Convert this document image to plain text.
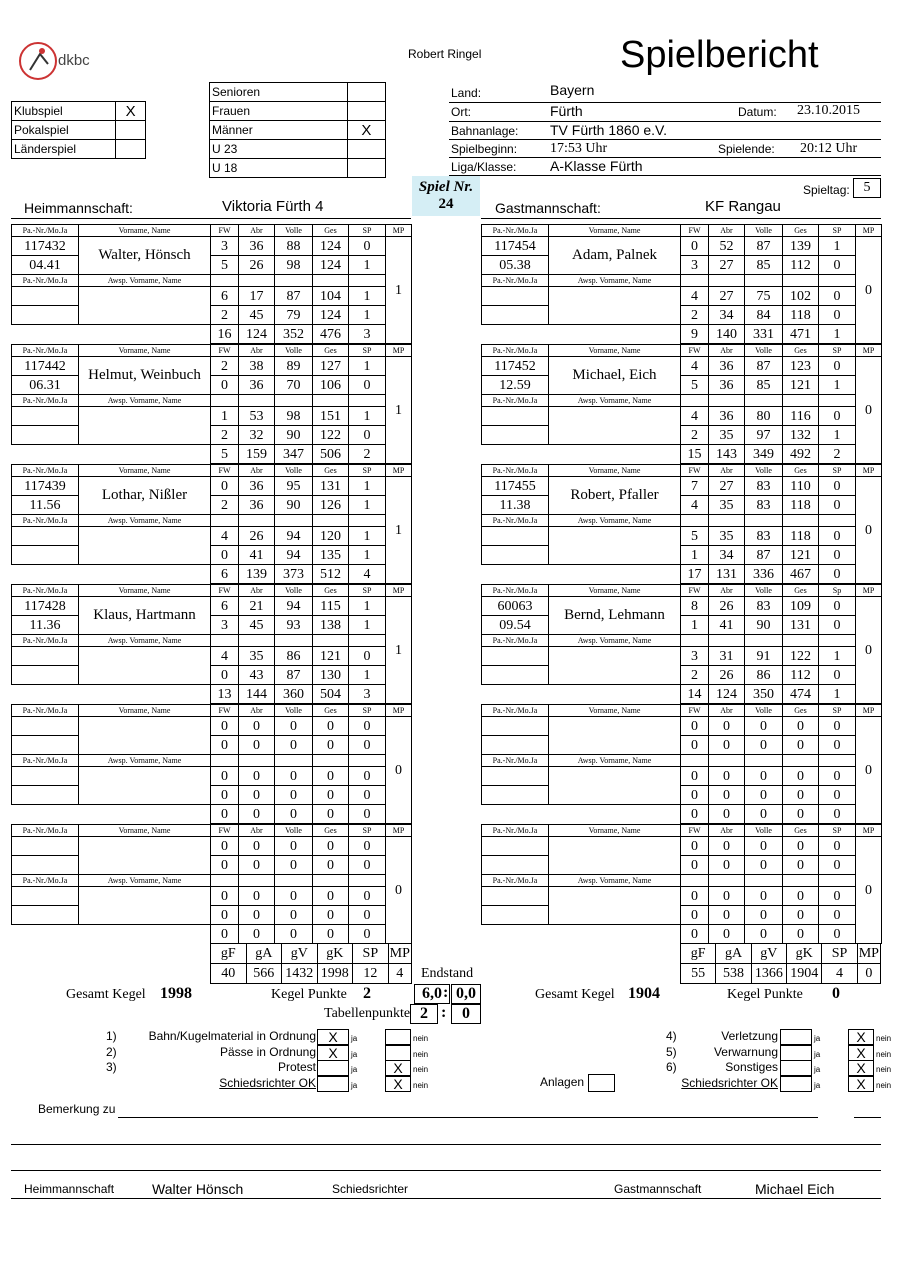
dkbc	Robert Ringel	Spielbericht
Klubspiel	X
Pokalspiel	
Länderspiel	

Senioren	
Frauen	
Männer	X
U 23	
U 18	
Land:	Bayern
Ort:	Fürth	Datum: 23.10.2015
Bahnanlage: TV Fürth 1860 e.V.
Spielbeginn: 17:53 Uhr	Spielende: 20:12 Uhr
Liga/Klasse: A-Klasse Fürth
Spiel Nr.
24
Spieltag: 5
Heimmannschaft:	Viktoria Fürth 4	Gastmannschaft:	KF Rangau
Pa.-Nr./Mo.Ja	Vorname, Name	FW	Abr	Volle	Ges	SP	MP	
117432	Walter, Hönsch	3	36	88	124	0	1	
04.41		5	26	98	124	1		
Pa.-Nr./Mo.Ja	Awsp. Vorname, Name							
		6	17	87	104	1		
		2	45	79	124	1		
		16	124	352	476	3		
Pa.-Nr./Mo.Ja	Vorname, Name	FW	Abr	Volle	Ges	SP	MP	
117454	Adam, Palnek	0	52	87	139	1	0	
05.38		3	27	85	112	0		
Pa.-Nr./Mo.Ja	Awsp. Vorname, Name							
		4	27	75	102	0		
		2	34	84	118	0		
		9	140	331	471	1		
Pa.-Nr./Mo.Ja	Vorname, Name	FW	Abr	Volle	Ges	SP	MP	
117442	Helmut, Weinbuch	2	38	89	127	1	1	
06.31		0	36	70	106	0		
Pa.-Nr./Mo.Ja	Awsp. Vorname, Name							
		1	53	98	151	1		
		2	32	90	122	0		
		5	159	347	506	2		
Pa.-Nr./Mo.Ja	Vorname, Name	FW	Abr	Volle	Ges	SP	MP	
117452	Michael, Eich	4	36	87	123	0	0	
12.59		5	36	85	121	1		
Pa.-Nr./Mo.Ja	Awsp. Vorname, Name							
		4	36	80	116	0		
		2	35	97	132	1		
		15	143	349	492	2		
Pa.-Nr./Mo.Ja	Vorname, Name	FW	Abr	Volle	Ges	SP	MP	
117439	Lothar, Nißler	0	36	95	131	1	1	
11.56		2	36	90	126	1		
Pa.-Nr./Mo.Ja	Awsp. Vorname, Name							
		4	26	94	120	1		
		0	41	94	135	1		
		6	139	373	512	4		
Pa.-Nr./Mo.Ja	Vorname, Name	FW	Abr	Volle	Ges	SP	MP	
117455	Robert, Pfaller	7	27	83	110	0	0	
11.38		4	35	83	118	0		
Pa.-Nr./Mo.Ja	Awsp. Vorname, Name							
		5	35	83	118	0		
		1	34	87	121	0		
		17	131	336	467	0		
Pa.-Nr./Mo.Ja	Vorname, Name	FW	Abr	Volle	Ges	SP	MP	
117428	Klaus, Hartmann	6	21	94	115	1	1	
11.36		3	45	93	138	1		
Pa.-Nr./Mo.Ja	Awsp. Vorname, Name							
		4	35	86	121	0		
		0	43	87	130	1		
		13	144	360	504	3		
Pa.-Nr./Mo.Ja	Vorname, Name	FW	Abr	Volle	Ges	Sp	MP	
60063	Bernd, Lehmann	8	26	83	109	0	0	
09.54		1	41	90	131	0		
Pa.-Nr./Mo.Ja	Awsp. Vorname, Name							
		3	31	91	122	1		
		2	26	86	112	0		
		14	124	350	474	1		
Pa.-Nr./Mo.Ja	Vorname, Name	FW	Abr	Volle	Ges	SP	MP	
		0	0	0	0	0	0	
		0	0	0	0	0		
Pa.-Nr./Mo.Ja	Awsp. Vorname, Name							
		0	0	0	0	0		
		0	0	0	0	0		
		0	0	0	0	0		
Pa.-Nr./Mo.Ja	Vorname, Name	FW	Abr	Volle	Ges	SP	MP	
		0	0	0	0	0	0	
		0	0	0	0	0		
Pa.-Nr./Mo.Ja	Awsp. Vorname, Name							
		0	0	0	0	0		
		0	0	0	0	0		
		0	0	0	0	0		
Pa.-Nr./Mo.Ja	Vorname, Name	FW	Abr	Volle	Ges	SP	MP	
		0	0	0	0	0	0	
		0	0	0	0	0		
Pa.-Nr./Mo.Ja	Awsp. Vorname, Name							
		0	0	0	0	0		
		0	0	0	0	0		
		0	0	0	0	0		
Pa.-Nr./Mo.Ja	Vorname, Name	FW	Abr	Volle	Ges	SP	MP	
		0	0	0	0	0	0	
		0	0	0	0	0		
Pa.-Nr./Mo.Ja	Awsp. Vorname, Name							
		0	0	0	0	0		
		0	0	0	0	0		
		0	0	0	0	0		
gF	gA	gV	gK	SP	MP
40	566	1432	1998	12	4
gF	gA	gV	gK	SP	MP
55	538	1366	1904	4	0
Endstand
Gesamt Kegel 1998	Kegel Punkte 2	6,0 : 0,0
Tabellenpunkte 2 : 0
Gesamt Kegel 1904	Kegel Punkte 0
1)	Bahn/Kugelmaterial in Ordnung X	ja	nein
2)	Pässe in Ordnung X	ja	nein
3)	Protest	ja	X	nein
Schiedsrichter OK	ja	X	nein
4)	Verletzung	ja	X	nein
5)	Verwarnung	ja	X	nein
6)	Sonstiges	ja	X	nein
Schiedsrichter OK	ja	X	nein
Anlagen
Bemerkung zu
Heimmannschaft	Walter Hönsch	Schiedsrichter	Gastmannschaft	Michael Eich
